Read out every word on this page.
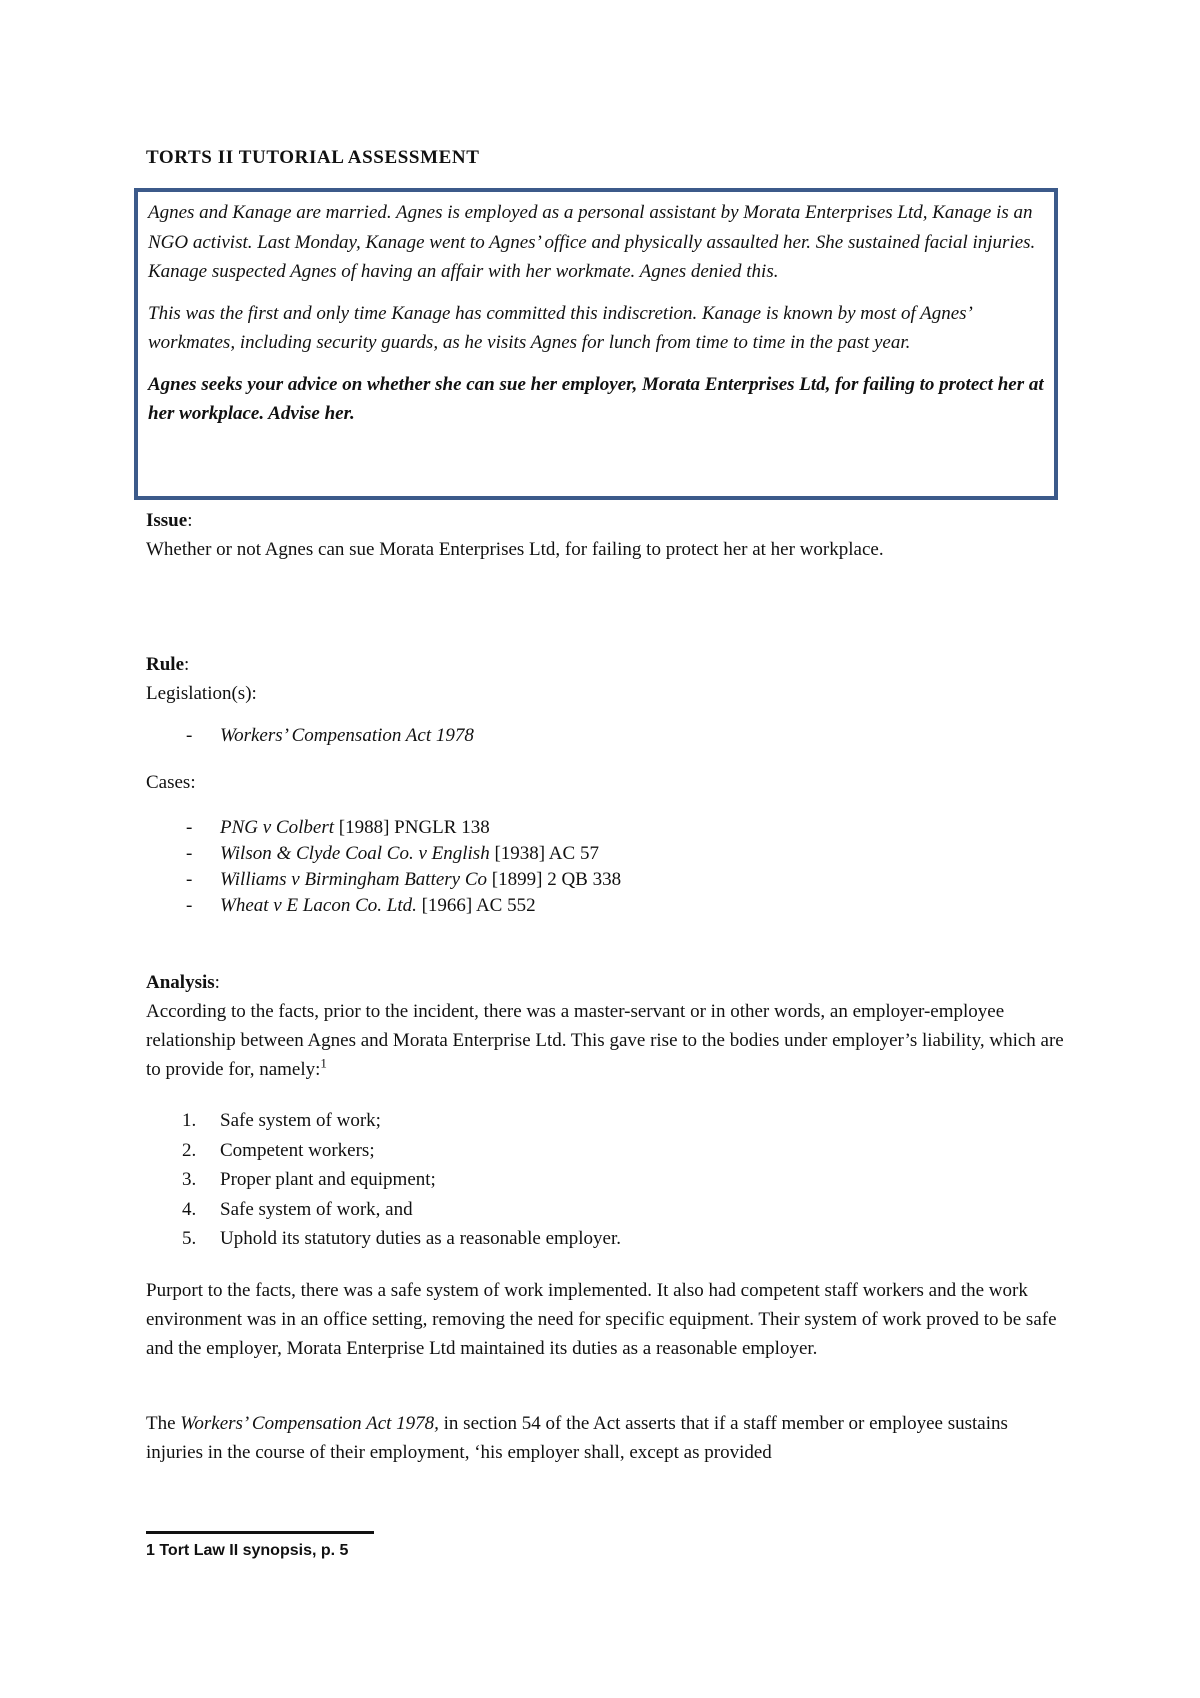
TORTS II TUTORIAL ASSESSMENT

Agnes and Kanage are married. Agnes is employed as a personal assistant by Morata Enterprises Ltd, Kanage is an NGO activist. Last Monday, Kanage went to Agnes’ office and physically assaulted her. She sustained facial injuries. Kanage suspected Agnes of having an affair with her workmate. Agnes denied this.

This was the first and only time Kanage has committed this indiscretion. Kanage is known by most of Agnes’ workmates, including security guards, as he visits Agnes for lunch from time to time in the past year.

Agnes seeks your advice on whether she can sue her employer, Morata Enterprises Ltd, for failing to protect her at her workplace. Advise her.

Issue:

Whether or not Agnes can sue Morata Enterprises Ltd, for failing to protect her at her workplace.

Rule:

Legislation(s):

- Workers’ Compensation Act 1978

Cases:

- PNG v Colbert [1988] PNGLR 138
- Wilson & Clyde Coal Co. v English [1938] AC 57
- Williams v Birmingham Battery Co [1899] 2 QB 338
- Wheat v E Lacon Co. Ltd. [1966] AC 552

Analysis:

According to the facts, prior to the incident, there was a master-servant or in other words, an employer-employee relationship between Agnes and Morata Enterprise Ltd. This gave rise to the bodies under employer’s liability, which are to provide for, namely:$^1$

1. Safe system of work;
2. Competent workers;
3. Proper plant and equipment;
4. Safe system of work, and
5. Uphold its statutory duties as a reasonable employer.

Purport to the facts, there was a safe system of work implemented. It also had competent staff workers and the work environment was in an office setting, removing the need for specific equipment. Their system of work proved to be safe and the employer, Morata Enterprise Ltd maintained its duties as a reasonable employer.

The Workers’ Compensation Act 1978, in section 54 of the Act asserts that if a staff member or employee sustains injuries in the course of their employment, ‘his employer shall, except as provided

1 Tort Law II synopsis, p. 5
